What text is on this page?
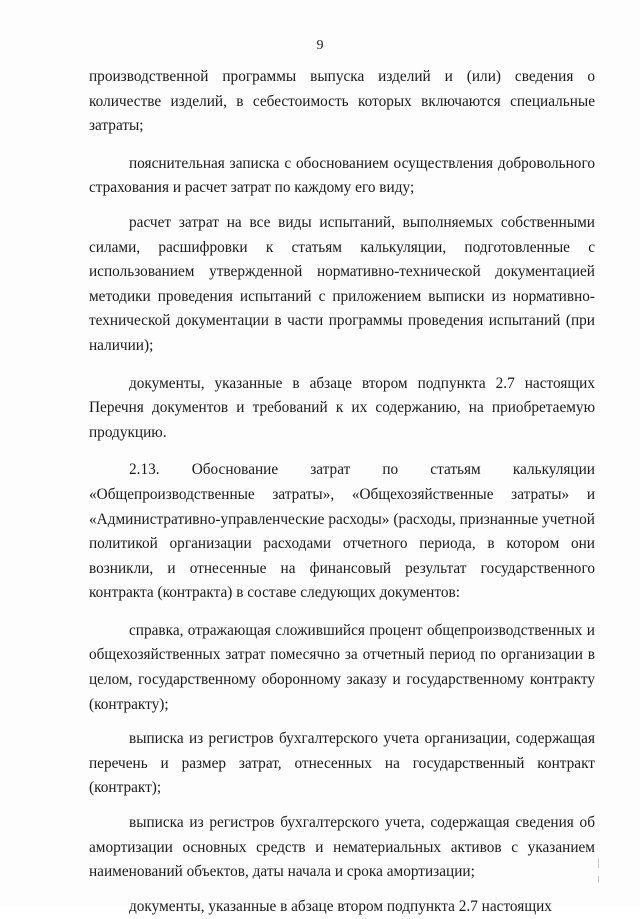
9

производственной программы выпуска изделий и (или) сведения о количестве изделий, в себестоимость которых включаются специальные затраты;

пояснительная записка с обоснованием осуществления добровольного страхования и расчет затрат по каждому его виду;

расчет затрат на все виды испытаний, выполняемых собственными силами, расшифровки к статьям калькуляции, подготовленные с использованием утвержденной нормативно-технической документацией методики проведения испытаний с приложением выписки из нормативно-технической документации в части программы проведения испытаний (при наличии);

документы, указанные в абзаце втором подпункта 2.7 настоящих Перечня документов и требований к их содержанию, на приобретаемую продукцию.

2.13. Обоснование затрат по статьям калькуляции «Общепроизводственные затраты», «Общехозяйственные затраты» и «Административно-управленческие расходы» (расходы, признанные учетной политикой организации расходами отчетного периода, в котором они возникли, и отнесенные на финансовый результат государственного контракта (контракта) в составе следующих документов:

справка, отражающая сложившийся процент общепроизводственных и общехозяйственных затрат помесячно за отчетный период по организации в целом, государственному оборонному заказу и государственному контракту (контракту);

выписка из регистров бухгалтерского учета организации, содержащая перечень и размер затрат, отнесенных на государственный контракт (контракт);

выписка из регистров бухгалтерского учета, содержащая сведения об амортизации основных средств и нематериальных активов с указанием наименований объектов, даты начала и срока амортизации;

документы, указанные в абзаце втором подпункта 2.7 настоящих
